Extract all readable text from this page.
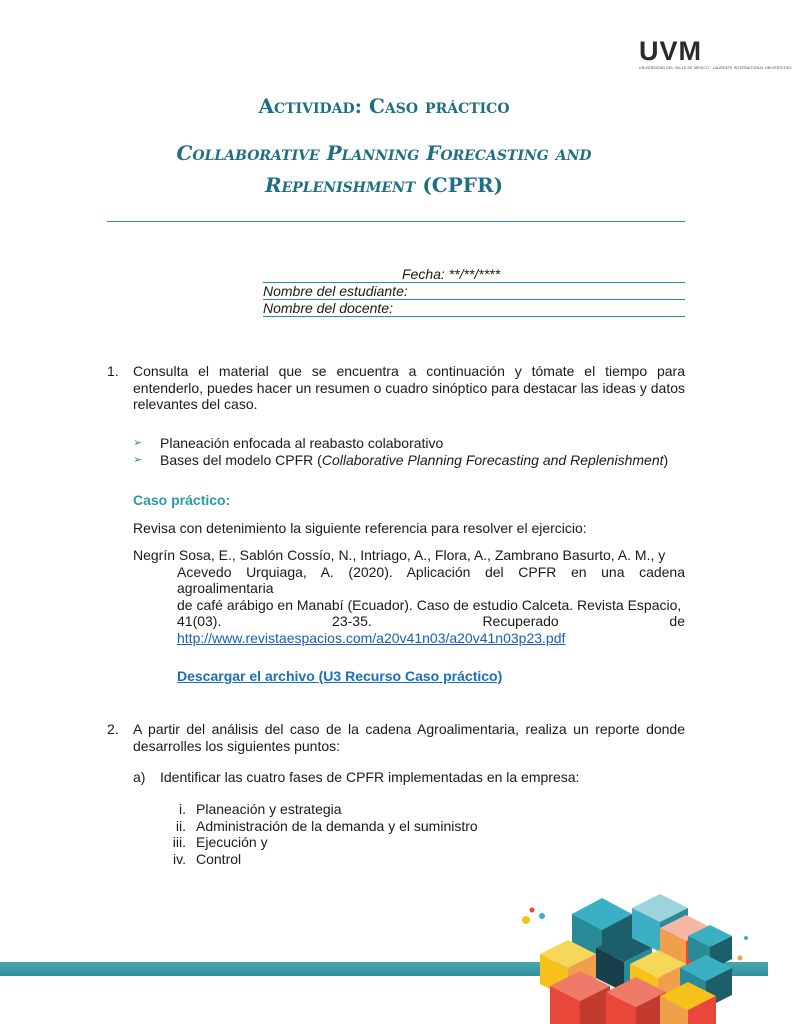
UVM
UNIVERSIDAD DEL VALLE DE MÉXICO · LAUREATE INTERNATIONAL UNIVERSITIES
Actividad: Caso práctico
Collaborative Planning Forecasting and
Replenishment (CPFR)
Fecha: **/**/****
Nombre del estudiante:
Nombre del docente:
1. Consulta el material que se encuentra a continuación y tómate el tiempo para entenderlo, puedes hacer un resumen o cuadro sinóptico para destacar las ideas y datos relevantes del caso.
➢	Planeación enfocada al reabasto colaborativo
➢	Bases del modelo CPFR (Collaborative Planning Forecasting and Replenishment)
Caso práctico:
Revisa con detenimiento la siguiente referencia para resolver el ejercicio:
Negrín Sosa, E., Sablón Cossío, N., Intriago, A., Flora, A., Zambrano Basurto, A. M., y
Acevedo Urquiaga, A. (2020). Aplicación del CPFR en una cadena agroalimentaria
de café arábigo en Manabí (Ecuador). Caso de estudio Calceta. Revista Espacio,
41(03).	23-35.	Recuperado	de
http://www.revistaespacios.com/a20v41n03/a20v41n03p23.pdf
Descargar el archivo (U3 Recurso Caso práctico)
2. A partir del análisis del caso de la cadena Agroalimentaria, realiza un reporte donde desarrolles los siguientes puntos:
a) Identificar las cuatro fases de CPFR implementadas en la empresa:
i. Planeación y estrategia
ii. Administración de la demanda y el suministro
iii. Ejecución y
iv. Control
